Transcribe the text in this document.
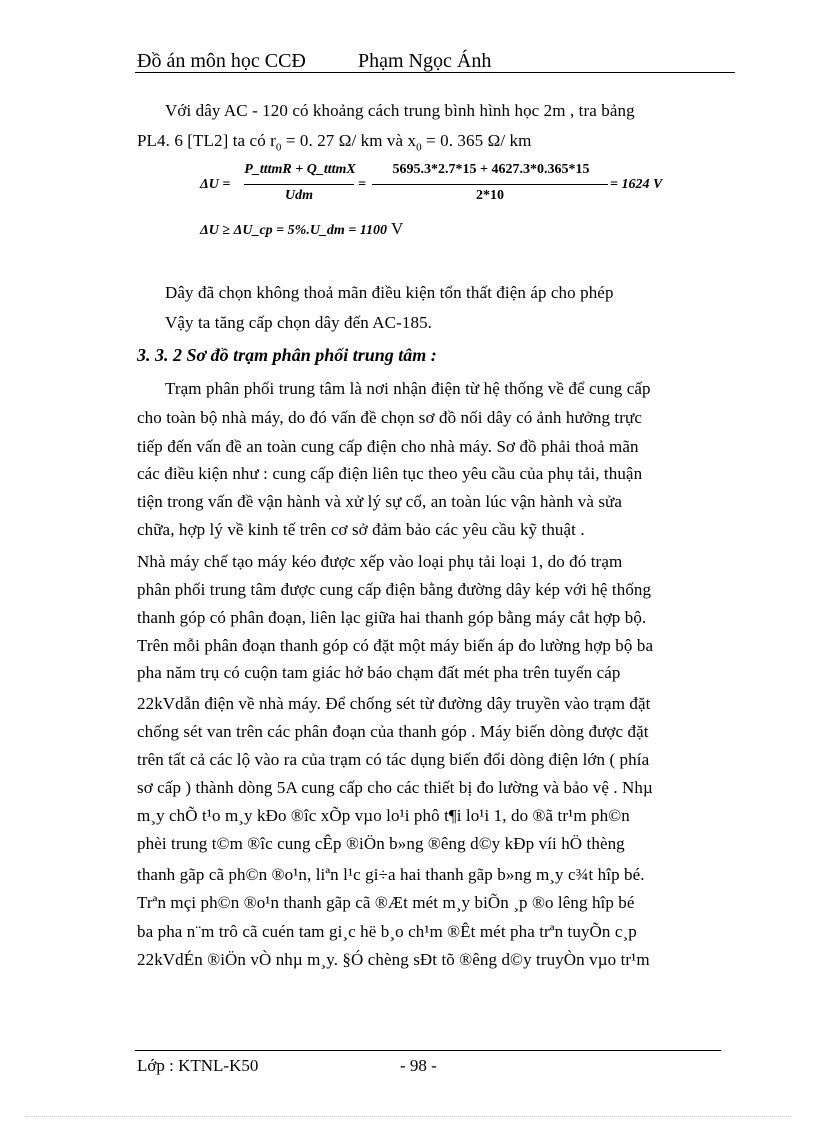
Đồ án môn học CCĐ	Phạm Ngọc Ánh
Với dây AC - 120 có khoảng cách trung bình hình học 2m , tra bảng
PL4. 6 [TL2] ta có $r_0 = 0$. 27 Ω/ km và $x_0 = 0$. 365 Ω/ km
ΔU =
P_tttmR + Q_tttmX
Udm
=
5695.3*2.7*15 + 4627.3*0.365*15
2*10
= 1624 V
ΔU ≥ ΔU_cp = 5%.U_dm = 1100 V
Dây đã chọn không thoả mãn điều kiện tổn thất điện áp cho phép
Vậy ta tăng cấp chọn dây đến AC-185.
3. 3. 2 Sơ đồ trạm phân phối trung tâm :
Trạm phân phối trung tâm là nơi nhận điện từ hệ thống về để cung cấp
cho toàn bộ nhà máy, do đó vấn đề chọn sơ đồ nối dây có ảnh hưởng trực
tiếp đến vấn đề an toàn cung cấp điện cho nhà máy. Sơ đồ phải thoả mãn
các điều kiện như : cung cấp điện liên tục theo yêu cầu của phụ tải, thuận
tiện trong vấn đề vận hành và xử lý sự cố, an toàn lúc vận hành và sửa
chữa, hợp lý về kinh tế trên cơ sở đảm bảo các yêu cầu kỹ thuật .
Nhà máy chế tạo máy kéo được xếp vào loại phụ tải loại 1, do đó trạm
phân phối trung tâm được cung cấp điện bằng đường dây kép với hệ thống
thanh góp có phân đoạn, liên lạc giữa hai thanh góp bằng máy cắt hợp bộ.
Trên mỗi phân đoạn thanh góp có đặt một máy biến áp đo lường hợp bộ ba
pha năm trụ có cuộn tam giác hở báo chạm đất mét pha trên tuyến cáp
22kVdẫn điện về nhà máy. Để chống sét từ đường dây truyền vào trạm đặt
chống sét van trên các phân đoạn của thanh góp . Máy biến dòng được đặt
trên tất cả các lộ vào ra của trạm có tác dụng biến đổi dòng điện lớn ( phía
sơ cấp ) thành dòng 5A cung cấp cho các thiết bị đo lường và bảo vệ . Nhµ
m¸y chÕ t¹o m¸y kÐo ®îc xÕp vµo lo¹i phô t¶i lo¹i 1, do ®ã tr¹m ph©n
phèi trung t©m ®îc cung cÊp ®iÖn b»ng ®êng d©y kÐp víi hÖ thèng
thanh gãp cã ph©n ®o¹n, liªn l¹c gi÷a hai thanh gãp b»ng m¸y c¾t hîp bé.
Trªn mçi ph©n ®o¹n thanh gãp cã ®Æt mét m¸y biÕn ¸p ®o lêng hîp bé
ba pha n¨m trô cã cuén tam gi¸c hë b¸o ch¹m ®Êt mét pha trªn tuyÕn c¸p
22kVdÉn ®iÖn vÒ nhµ m¸y. §Ó chèng sÐt tõ ®êng d©y truyÒn vµo tr¹m
Lớp : KTNL-K50	- 98 -
